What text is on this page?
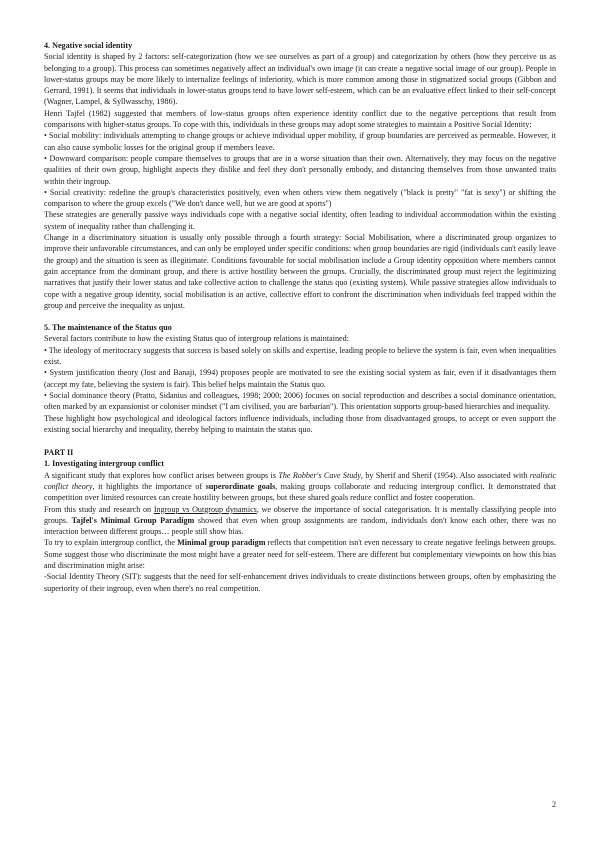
4. Negative social identity

Social identity is shaped by 2 factors: self-categorization (how we see ourselves as part of a group) and categorization by others (how they perceive us as belonging to a group). This process can sometimes negatively affect an individual's own image (it can create a negative social image of our group). People in lower-status groups may be more likely to internalize feelings of inferiority, which is more common among those in stigmatized social groups (Gibbon and Gerrard, 1991). It seems that individuals in lower-status groups tend to have lower self-esteem, which can be an evaluative effect linked to their self-concept (Wagner, Lampel, & Syllwasschy, 1986).

Henri Tajfel (1982) suggested that members of low-status groups often experience identity conflict due to the negative perceptions that result from comparisons with higher-status groups. To cope with this, individuals in these groups may adopt some strategies to maintain a Positive Social Identity:

• Social mobility: individuals attempting to change groups or achieve individual upper mobility, if group boundaries are perceived as permeable. However, it can also cause symbolic losses for the original group if members leave.

• Downward comparison: people compare themselves to groups that are in a worse situation than their own. Alternatively, they may focus on the negative qualities of their own group, highlight aspects they dislike and feel they don't personally embody, and distancing themselves from those unwanted traits within their ingroup.

• Social creativity: redefine the group's characteristics positively, even when others view them negatively ("black is pretty" "fat is sexy") or shifting the comparison to where the group excels ("We don't dance well, but we are good at sports")

These strategies are generally passive ways individuals cope with a negative social identity, often leading to individual accommodation within the existing system of inequality rather than challenging it.

Change in a discriminatory situation is usually only possible through a fourth strategy: Social Mobilisation, where a discriminated group organizes to improve their unfavorable circumstances, and can only be employed under specific conditions: when group boundaries are rigid (individuals can't easily leave the group) and the situation is seen as illegitimate. Conditions favourable for social mobilisation include a Group identity opposition where members cannot gain acceptance from the dominant group, and there is active hostility between the groups. Crucially, the discriminated group must reject the legitimizing narratives that justify their lower status and take collective action to challenge the status quo (existing system). While passive strategies allow individuals to cope with a negative group identity, social mobilisation is an active, collective effort to confront the discrimination when individuals feel trapped within the group and perceive the inequality as unjust.

5. The maintenance of the Status quo

Several factors contribute to how the existing Status quo of intergroup relations is maintained:

• The ideology of meritocracy suggests that success is based solely on skills and expertise, leading people to believe the system is fair, even when inequalities exist.

• System justification theory (Jost and Banaji, 1994) proposes people are motivated to see the existing social system as fair, even if it disadvantages them (accept my fate, believing the system is fair). This belief helps maintain the Status quo.

• Social dominance theory (Pratto, Sidanius and colleagues, 1998; 2000; 2006) focuses on social reproduction and describes a social dominance orientation, often marked by an expansionist or coloniser mindset ("I am civilised, you are barbarian"). This orientation supports group-based hierarchies and inequality.

These highlight how psychological and ideological factors influence individuals, including those from disadvantaged groups, to accept or even support the existing social hierarchy and inequality, thereby helping to maintain the status quo.

PART II

1. Investigating intergroup conflict

A significant study that explores how conflict arises between groups is The Robber's Cave Study, by Sherif and Sherif (1954). Also associated with realistic conflict theory, it highlights the importance of superordinate goals, making groups collaborate and reducing intergroup conflict. It demonstrated that competition over limited resources can create hostility between groups, but these shared goals reduce conflict and foster cooperation.

From this study and research on Ingroup vs Outgroup dynamics, we observe the importance of social categorisation. It is mentally classifying people into groups. Tajfel's Minimal Group Paradigm showed that even when group assignments are random, individuals don't know each other, there was no interaction between different groups… people still show bias.

To try to explain intergroup conflict, the Minimal group paradigm reflects that competition isn't even necessary to create negative feelings between groups. Some suggest those who discriminate the most might have a greater need for self-esteem. There are different but complementary viewpoints on how this bias and discrimination might arise:

-Social Identity Theory (SIT): suggests that the need for self-enhancement drives individuals to create distinctions between groups, often by emphasizing the superiority of their ingroup, even when there's no real competition.

2
